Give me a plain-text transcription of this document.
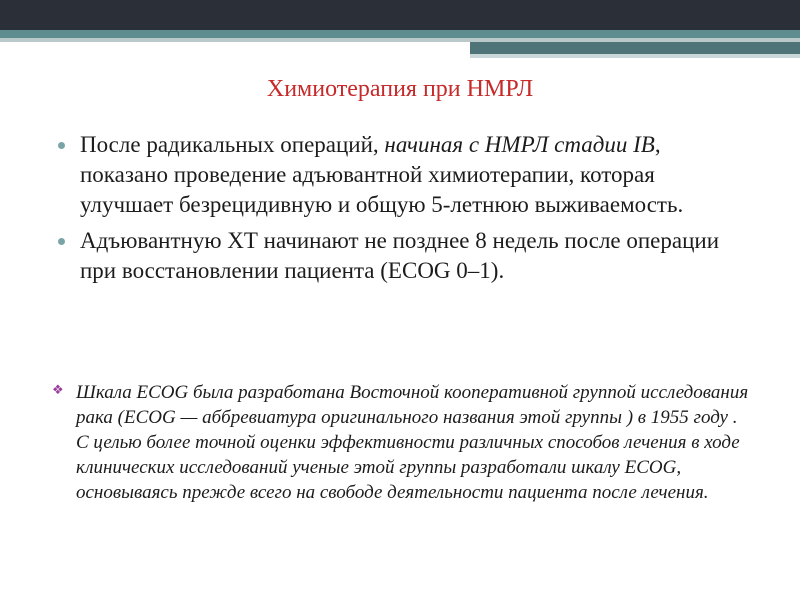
Химиотерапия при НМРЛ
После радикальных операций, начиная с НМРЛ стадии IB, показано проведение адъювантной химиотерапии, которая улучшает безрецидивную и общую 5-летнюю выживаемость.
Адъювантную ХТ начинают не позднее 8 недель после операции при восстановлении пациента (ECOG 0–1).
❖ Шкала ECOG была разработана Восточной кооперативной группой исследования рака (ECOG — аббревиатура оригинального названия этой группы ) в 1955 году . С целью более точной оценки эффективности различных способов лечения в ходе клинических исследований ученые этой группы разработали шкалу ECOG, основываясь прежде всего на свободе деятельности пациента после лечения.
